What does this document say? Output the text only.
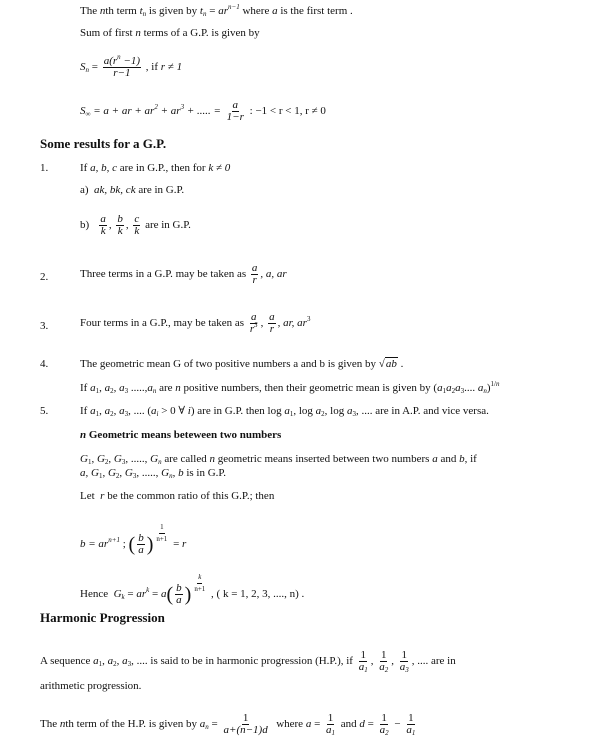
The nth term $t_n$ is given by $t_n = ar^{n-1}$ where a is the first term .
Sum of first n terms of a G.P. is given by
$S_n = \frac{a(r^n -1)}{r-1}$ , if r ≠ 1
$S_\infty = a$ + ar + $ar^2 + ar^3$ + ..... = $\frac{a}{1-r}$ : −1 < r < 1, r ≠ 0
Some results for a G.P.
1.	If a, b, c are in G.P., then for k ≠ 0
a) ak, bk, ck are in G.P.
$b) \frac{a}{k}$ , $\frac{b}{k}$ , $\frac{c}{k}$ are in G.P.
2.	Three terms in a G.P. may be taken as $\frac{a}{r}$ , a, ar
3.	Four terms in a G.P., may be taken as $\frac{a}{r^3}$ , $\frac{a}{r}$ , ar, $ar^3$
4.	The geometric mean G of two positive numbers a and b is given by √ab .
If $a_1$, $a_2$, $a_3$ $.....,a_n$ are n positive numbers, then their geometric mean is given by ($a_1a_2a_3$.... $a_n)^{1/n}$
5.	If $a_1$, $a_2$, $a_3$, .... ($a_i > 0$ ∀ i) are in G.P. then $\log a_1$, $\log a_2$, $\log a_3$, .... are in A.P. and vice versa.
n Geometric means beteween two numbers
$G_1$, $G_2$, $G_3$, ....., $G_n$ are called n geometric means inserted between two numbers a and b, if
a, $G_1$, $G_2$, $G_3$, ....., $G_n$, b is in G.P.
Let r be the common ratio of this G.P.; then
$b = ar^{n+1}$ ; ( $\frac{b}{a}$ ) $^{\frac{1}{n+1}}$ = r
Hence $G_k = ar^k = a( \frac{b}{a}$ ) $^{\frac{k}{n+1}}$ , ( k = 1, 2, 3, ...., n) .
Harmonic Progression
A sequence $a_1$, $a_2$, $a_3$, .... is said to be in harmonic progression (H.P.), if $\frac{1}{a_1}$ , $\frac{1}{a_2}$ , $\frac{1}{a_3}$ , .... are in
arithmetic progression.
The nth term of the H.P. is given by $a_n = \frac{1}{a+(n-1)d}$ where $a = \frac{1}{a_1}$ and $d = \frac{1}{a_2} - \frac{1}{a_1}$
